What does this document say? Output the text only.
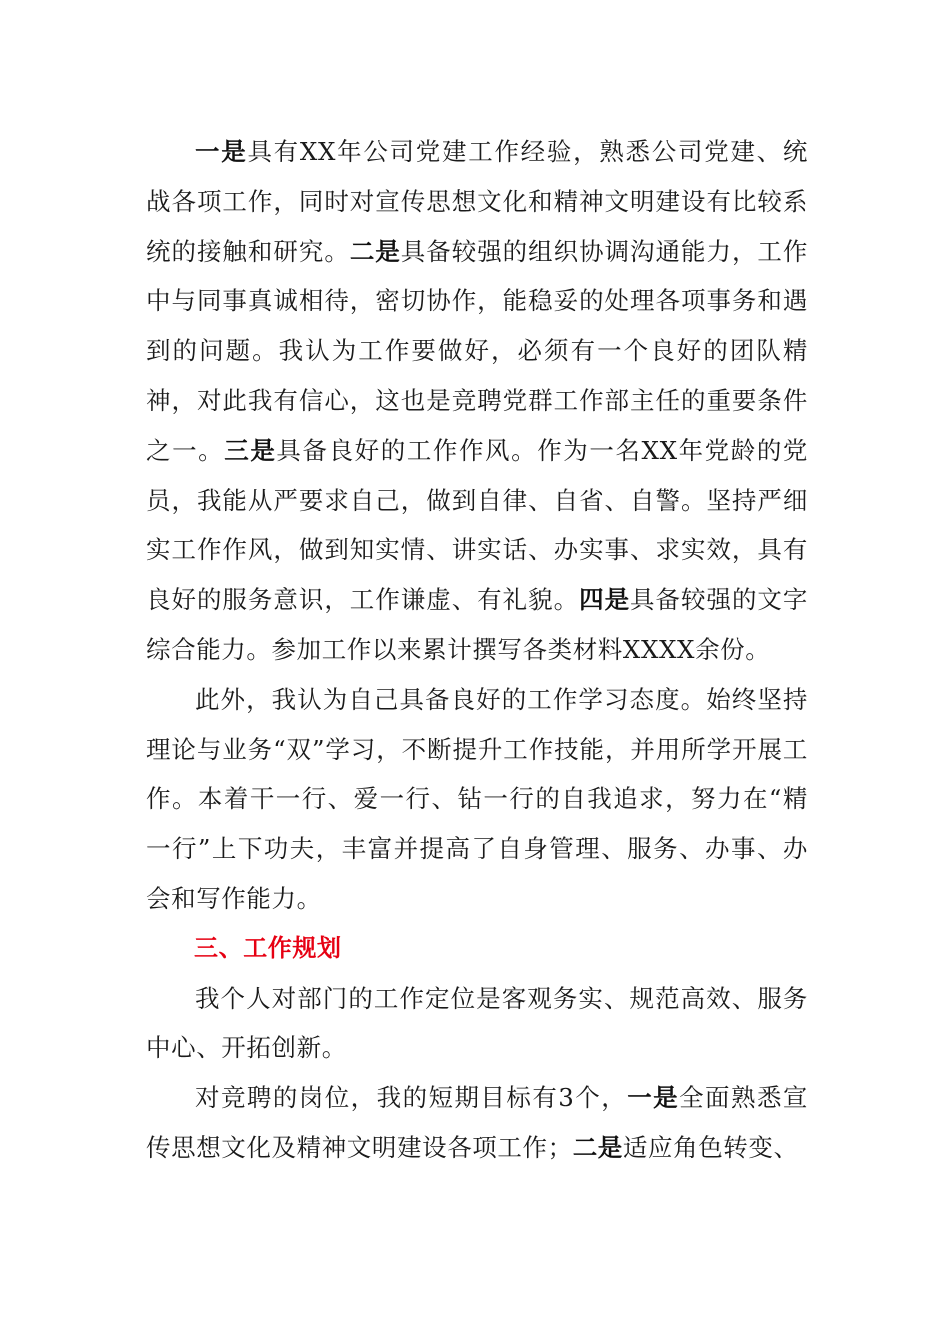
一是具有XX年公司党建工作经验，熟悉公司党建、统战各项工作，同时对宣传思想文化和精神文明建设有比较系统的接触和研究。二是具备较强的组织协调沟通能力，工作中与同事真诚相待，密切协作，能稳妥的处理各项事务和遇到的问题。我认为工作要做好，必须有一个良好的团队精神，对此我有信心，这也是竞聘党群工作部主任的重要条件之一。三是具备良好的工作作风。作为一名XX年党龄的党员，我能从严要求自己，做到自律、自省、自警。坚持严细实工作作风，做到知实情、讲实话、办实事、求实效，具有良好的服务意识，工作谦虚、有礼貌。四是具备较强的文字综合能力。参加工作以来累计撰写各类材料XXXX余份。

此外，我认为自己具备良好的工作学习态度。始终坚持理论与业务“双”学习，不断提升工作技能，并用所学开展工作。本着干一行、爱一行、钻一行的自我追求，努力在“精一行”上下功夫，丰富并提高了自身管理、服务、办事、办会和写作能力。

三、工作规划

我个人对部门的工作定位是客观务实、规范高效、服务中心、开拓创新。

对竞聘的岗位，我的短期目标有3个，一是全面熟悉宣传思想文化及精神文明建设各项工作；二是适应角色转变、
